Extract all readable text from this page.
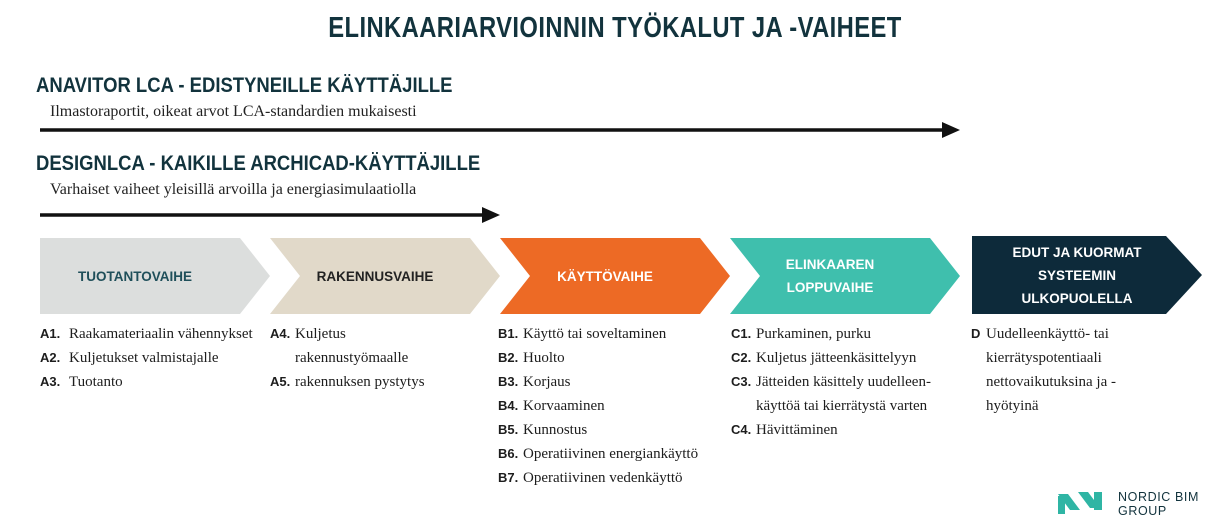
ELINKAARIARVIOINNIN TYÖKALUT JA -VAIHEET
ANAVITOR LCA - EDISTYNEILLE KÄYTTÄJILLE
Ilmastoraportit, oikeat arvot LCA-standardien mukaisesti
DESIGNLCA - KAIKILLE ARCHICAD-KÄYTTÄJILLE
Varhaiset vaiheet yleisillä arvoilla ja energiasimulaatiolla
TUOTANTOVAIHE	RAKENNUSVAIHE	KÄYTTÖVAIHE
ELINKAAREN
LOPPUVAIHE
EDUT JA KUORMAT
SYSTEEMIN ULKOPUOLELLA
A1. Raakamateriaalin vähennykset
A2. Kuljetukset valmistajalle
A3. Tuotanto
A4. Kuljetus rakennustyömaalle
A5. rakennuksen pystytys
B1. Käyttö tai soveltaminen
B2. Huolto
B3. Korjaus
B4. Korvaaminen
B5. Kunnostus
B6. Operatiivinen energiankäyttö
B7. Operatiivinen vedenkäyttö
C1. Purkaminen, purku
C2. Kuljetus jätteenkäsittelyyn
C3. Jätteiden käsittely uudelleen-käyttöä tai kierrätystä varten
C4. Hävittäminen
D Uudelleenkäyttö- tai kierrätyspotentiaali nettovaikutuksina ja -hyötyinä
NORDIC BIM
GROUP
